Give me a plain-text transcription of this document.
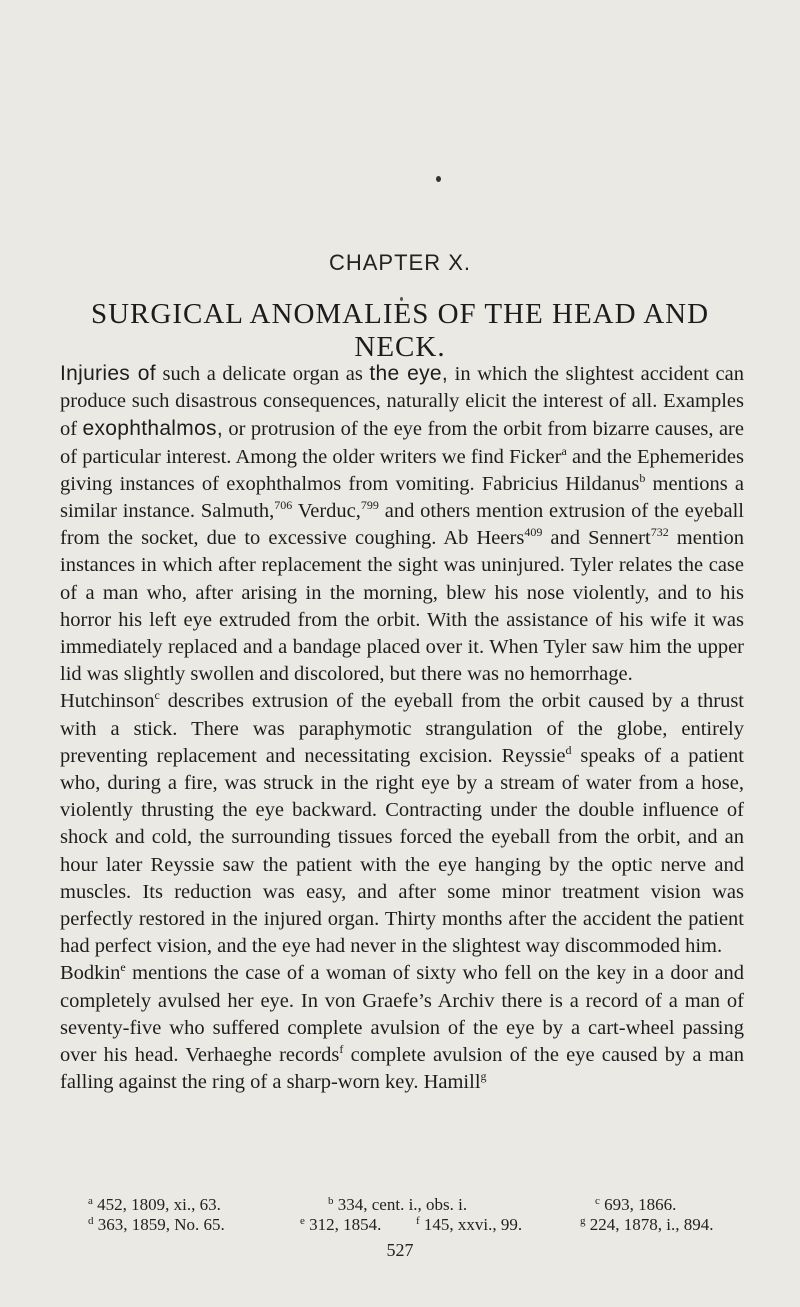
CHAPTER X.
SURGICAL ANOMALIES OF THE HEAD AND NECK.

Injuries of such a delicate organ as the eye, in which the slightest accident can produce such disastrous consequences, naturally elicit the interest of all. Examples of exophthalmos, or protrusion of the eye from the orbit from bizarre causes, are of particular interest. Among the older writers we find Ficker$^a$ and the Ephemerides giving instances of exophthalmos from vomiting. Fabricius Hildanus$^b$ mentions a similar instance. Salmuth,$^{706}$ Verduc,$^{799}$ and others mention extrusion of the eyeball from the socket, due to excessive coughing. Ab Heers$^{409}$ and Sennert$^{732}$ mention instances in which after replacement the sight was uninjured. Tyler relates the case of a man who, after arising in the morning, blew his nose violently, and to his horror his left eye extruded from the orbit. With the assistance of his wife it was immediately replaced and a bandage placed over it. When Tyler saw him the upper lid was slightly swollen and discolored, but there was no hemorrhage.

Hutchinson$^c$ describes extrusion of the eyeball from the orbit caused by a thrust with a stick. There was paraphymotic strangulation of the globe, entirely preventing replacement and necessitating excision. Reyssie$^d$ speaks of a patient who, during a fire, was struck in the right eye by a stream of water from a hose, violently thrusting the eye backward. Contracting under the double influence of shock and cold, the surrounding tissues forced the eyeball from the orbit, and an hour later Reyssie saw the patient with the eye hanging by the optic nerve and muscles. Its reduction was easy, and after some minor treatment vision was perfectly restored in the injured organ. Thirty months after the accident the patient had perfect vision, and the eye had never in the slightest way discommoded him.

Bodkin$^e$ mentions the case of a woman of sixty who fell on the key in a door and completely avulsed her eye. In von Graefe’s Archiv there is a record of a man of seventy-five who suffered complete avulsion of the eye by a cart-wheel passing over his head. Verhaeghe records$^f$ complete avulsion of the eye caused by a man falling against the ring of a sharp-worn key. Hamill$^g$

$^a$ 452, 1809, xi., 63.	$^b$ 334, cent. i., obs. i.	$^c$ 693, 1866.
$^d$ 363, 1859, No. 65.	$^e$ 312, 1854.	$^f$ 145, xxvi., 99.	$^g$ 224, 1878, i., 894.
527
